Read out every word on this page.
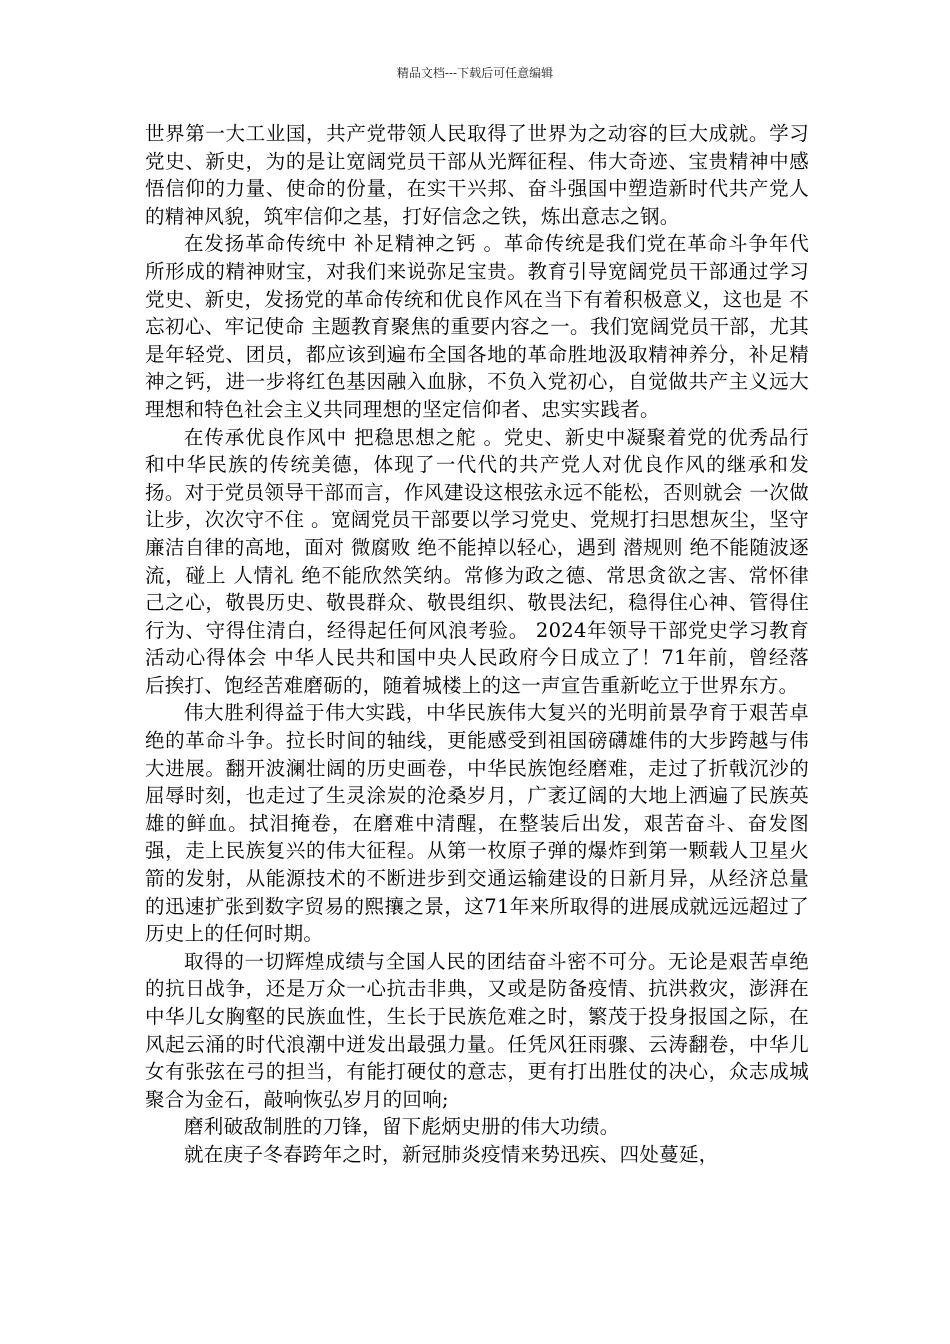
精品文档---下载后可任意编辑

世界第一大工业国，共产党带领人民取得了世界为之动容的巨大成就。学习党史、新史，为的是让宽阔党员干部从光辉征程、伟大奇迹、宝贵精神中感悟信仰的力量、使命的份量，在实干兴邦、奋斗强国中塑造新时代共产党人的精神风貌，筑牢信仰之基，打好信念之铁，炼出意志之钢。

在发扬革命传统中 补足精神之钙 。革命传统是我们党在革命斗争年代所形成的精神财宝，对我们来说弥足宝贵。教育引导宽阔党员干部通过学习党史、新史，发扬党的革命传统和优良作风在当下有着积极意义，这也是 不忘初心、牢记使命 主题教育聚焦的重要内容之一。我们宽阔党员干部，尤其是年轻党、团员，都应该到遍布全国各地的革命胜地汲取精神养分，补足精神之钙，进一步将红色基因融入血脉，不负入党初心，自觉做共产主义远大理想和特色社会主义共同理想的坚定信仰者、忠实实践者。

在传承优良作风中 把稳思想之舵 。党史、新史中凝聚着党的优秀品行和中华民族的传统美德，体现了一代代的共产党人对优良作风的继承和发扬。对于党员领导干部而言，作风建设这根弦永远不能松，否则就会 一次做让步，次次守不住 。宽阔党员干部要以学习党史、党规打扫思想灰尘，坚守廉洁自律的高地，面对 微腐败 绝不能掉以轻心，遇到 潜规则 绝不能随波逐流，碰上 人情礼 绝不能欣然笑纳。常修为政之德、常思贪欲之害、常怀律己之心，敬畏历史、敬畏群众、敬畏组织、敬畏法纪，稳得住心神、管得住行为、守得住清白，经得起任何风浪考验。 2024年领导干部党史学习教育活动心得体会 中华人民共和国中央人民政府今日成立了！71年前，曾经落后挨打、饱经苦难磨砺的，随着城楼上的这一声宣告重新屹立于世界东方。

伟大胜利得益于伟大实践，中华民族伟大复兴的光明前景孕育于艰苦卓绝的革命斗争。拉长时间的轴线，更能感受到祖国磅礴雄伟的大步跨越与伟大进展。翻开波澜壮阔的历史画卷，中华民族饱经磨难，走过了折戟沉沙的屈辱时刻，也走过了生灵涂炭的沧桑岁月，广袤辽阔的大地上洒遍了民族英雄的鲜血。拭泪掩卷，在磨难中清醒，在整装后出发，艰苦奋斗、奋发图强，走上民族复兴的伟大征程。从第一枚原子弹的爆炸到第一颗载人卫星火箭的发射，从能源技术的不断进步到交通运输建设的日新月异，从经济总量的迅速扩张到数字贸易的熙攘之景，这71年来所取得的进展成就远远超过了历史上的任何时期。

取得的一切辉煌成绩与全国人民的团结奋斗密不可分。无论是艰苦卓绝的抗日战争，还是万众一心抗击非典，又或是防备疫情、抗洪救灾，澎湃在中华儿女胸壑的民族血性，生长于民族危难之时，繁茂于投身报国之际，在风起云涌的时代浪潮中迸发出最强力量。任凭风狂雨骤、云涛翻卷，中华儿女有张弦在弓的担当，有能打硬仗的意志，更有打出胜仗的决心，众志成城聚合为金石，敲响恢弘岁月的回响;

磨利破敌制胜的刀锋，留下彪炳史册的伟大功绩。

就在庚子冬春跨年之时，新冠肺炎疫情来势迅疾、四处蔓延，
